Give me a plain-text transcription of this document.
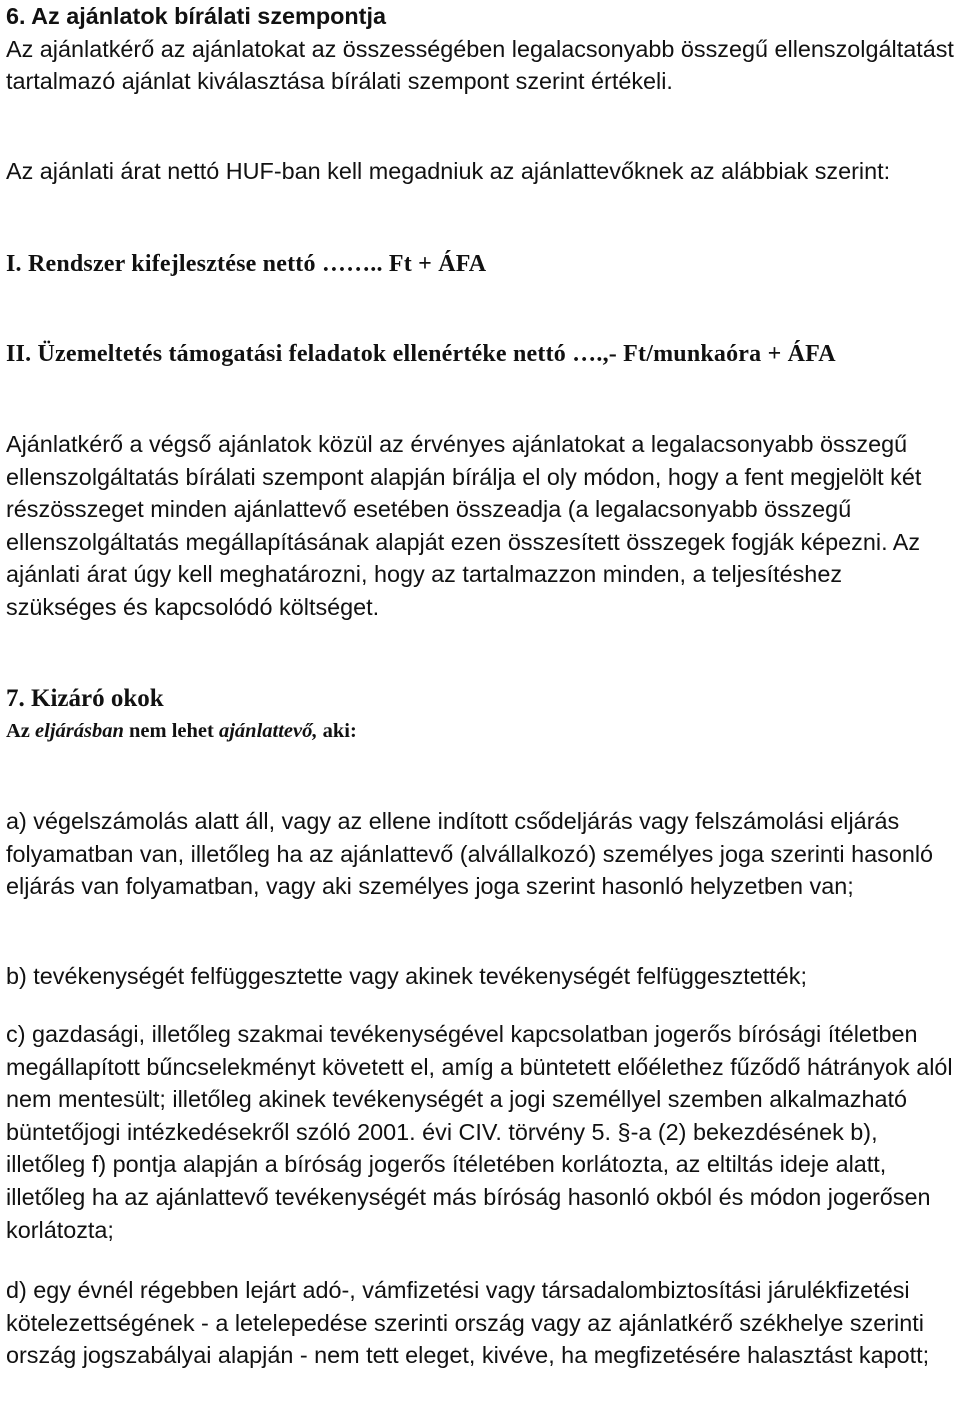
6. Az ajánlatok bírálati szempontja

Az ajánlatkérő az ajánlatokat az összességében legalacsonyabb összegű ellenszolgáltatást tartalmazó ajánlat kiválasztása bírálati szempont szerint értékeli.

Az ajánlati árat nettó HUF-ban kell megadniuk az ajánlattevőknek az alábbiak szerint:

I. Rendszer kifejlesztése nettó …….. Ft + ÁFA

II. Üzemeltetés támogatási feladatok ellenértéke nettó ….,- Ft/munkaóra + ÁFA

Ajánlatkérő a végső ajánlatok közül az érvényes ajánlatokat a legalacsonyabb összegű ellenszolgáltatás bírálati szempont alapján bírálja el oly módon, hogy a fent megjelölt két részösszeget minden ajánlattevő esetében összeadja (a legalacsonyabb összegű ellenszolgáltatás megállapításának alapját ezen összesített összegek fogják képezni. Az ajánlati árat úgy kell meghatározni, hogy az tartalmazzon minden, a teljesítéshez szükséges és kapcsolódó költséget.

7. Kizáró okok

Az eljárásban nem lehet ajánlattevő, aki:

a) végelszámolás alatt áll, vagy az ellene indított csődeljárás vagy felszámolási eljárás folyamatban van, illetőleg ha az ajánlattevő (alvállalkozó) személyes joga szerinti hasonló eljárás van folyamatban, vagy aki személyes joga szerint hasonló helyzetben van;

b) tevékenységét felfüggesztette vagy akinek tevékenységét felfüggesztették;

c) gazdasági, illetőleg szakmai tevékenységével kapcsolatban jogerős bírósági ítéletben megállapított bűncselekményt követett el, amíg a büntetett előélethez fűződő hátrányok alól nem mentesült; illetőleg akinek tevékenységét a jogi személlyel szemben alkalmazható büntetőjogi intézkedésekről szóló 2001. évi CIV. törvény 5. §-a (2) bekezdésének b), illetőleg f) pontja alapján a bíróság jogerős ítéletében korlátozta, az eltiltás ideje alatt, illetőleg ha az ajánlattevő tevékenységét más bíróság hasonló okból és módon jogerősen korlátozta;

d) egy évnél régebben lejárt adó-, vámfizetési vagy társadalombiztosítási járulékfizetési kötelezettségének - a letelepedése szerinti ország vagy az ajánlatkérő székhelye szerinti ország jogszabályai alapján - nem tett eleget, kivéve, ha megfizetésére halasztást kapott;
